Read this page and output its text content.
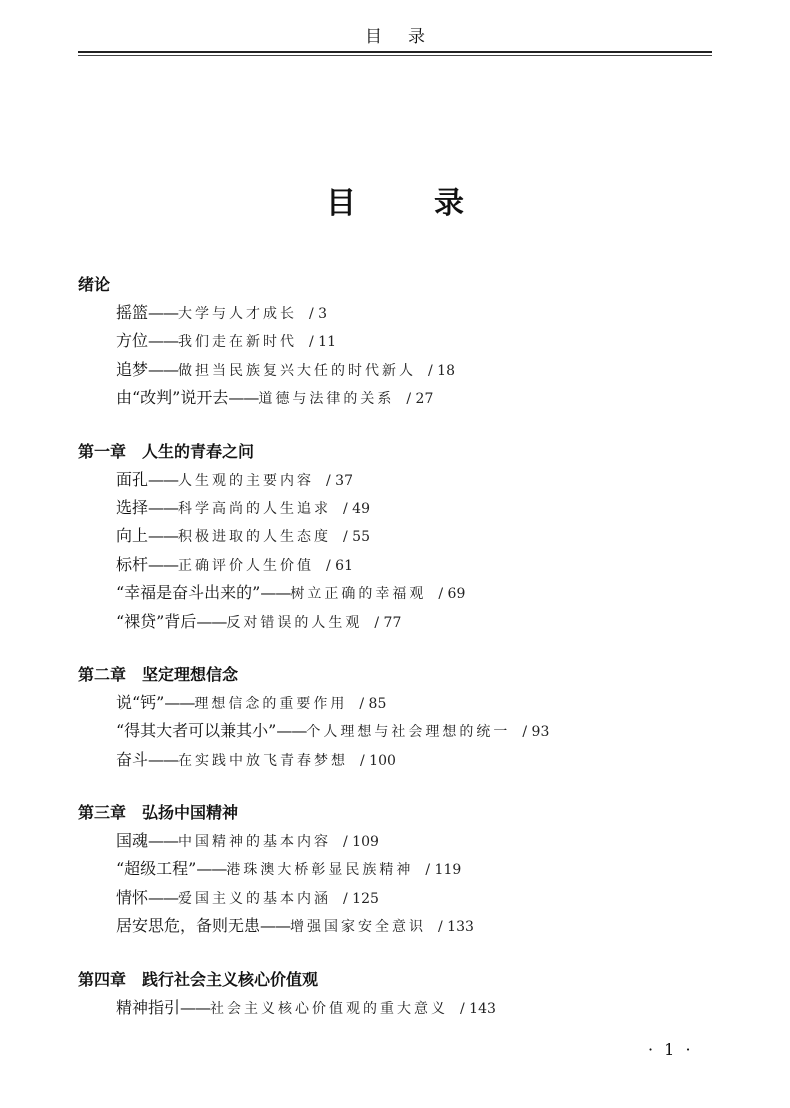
目录
目录
绪论
摇篮——大学与人才成长 / 3
方位——我们走在新时代 / 11
追梦——做担当民族复兴大任的时代新人 / 18
由“改判”说开去——道德与法律的关系 / 27
第一章　人生的青春之问
面孔——人生观的主要内容 / 37
选择——科学高尚的人生追求 / 49
向上——积极进取的人生态度 / 55
标杆——正确评价人生价值 / 61
“幸福是奋斗出来的”——树立正确的幸福观 / 69
“裸贷”背后——反对错误的人生观 / 77
第二章　坚定理想信念
说“钙”——理想信念的重要作用 / 85
“得其大者可以兼其小”——个人理想与社会理想的统一 / 93
奋斗——在实践中放飞青春梦想 / 100
第三章　弘扬中国精神
国魂——中国精神的基本内容 / 109
“超级工程”——港珠澳大桥彰显民族精神 / 119
情怀——爱国主义的基本内涵 / 125
居安思危，备则无患——增强国家安全意识 / 133
第四章　践行社会主义核心价值观
精神指引——社会主义核心价值观的重大意义 / 143
· 1 ·
